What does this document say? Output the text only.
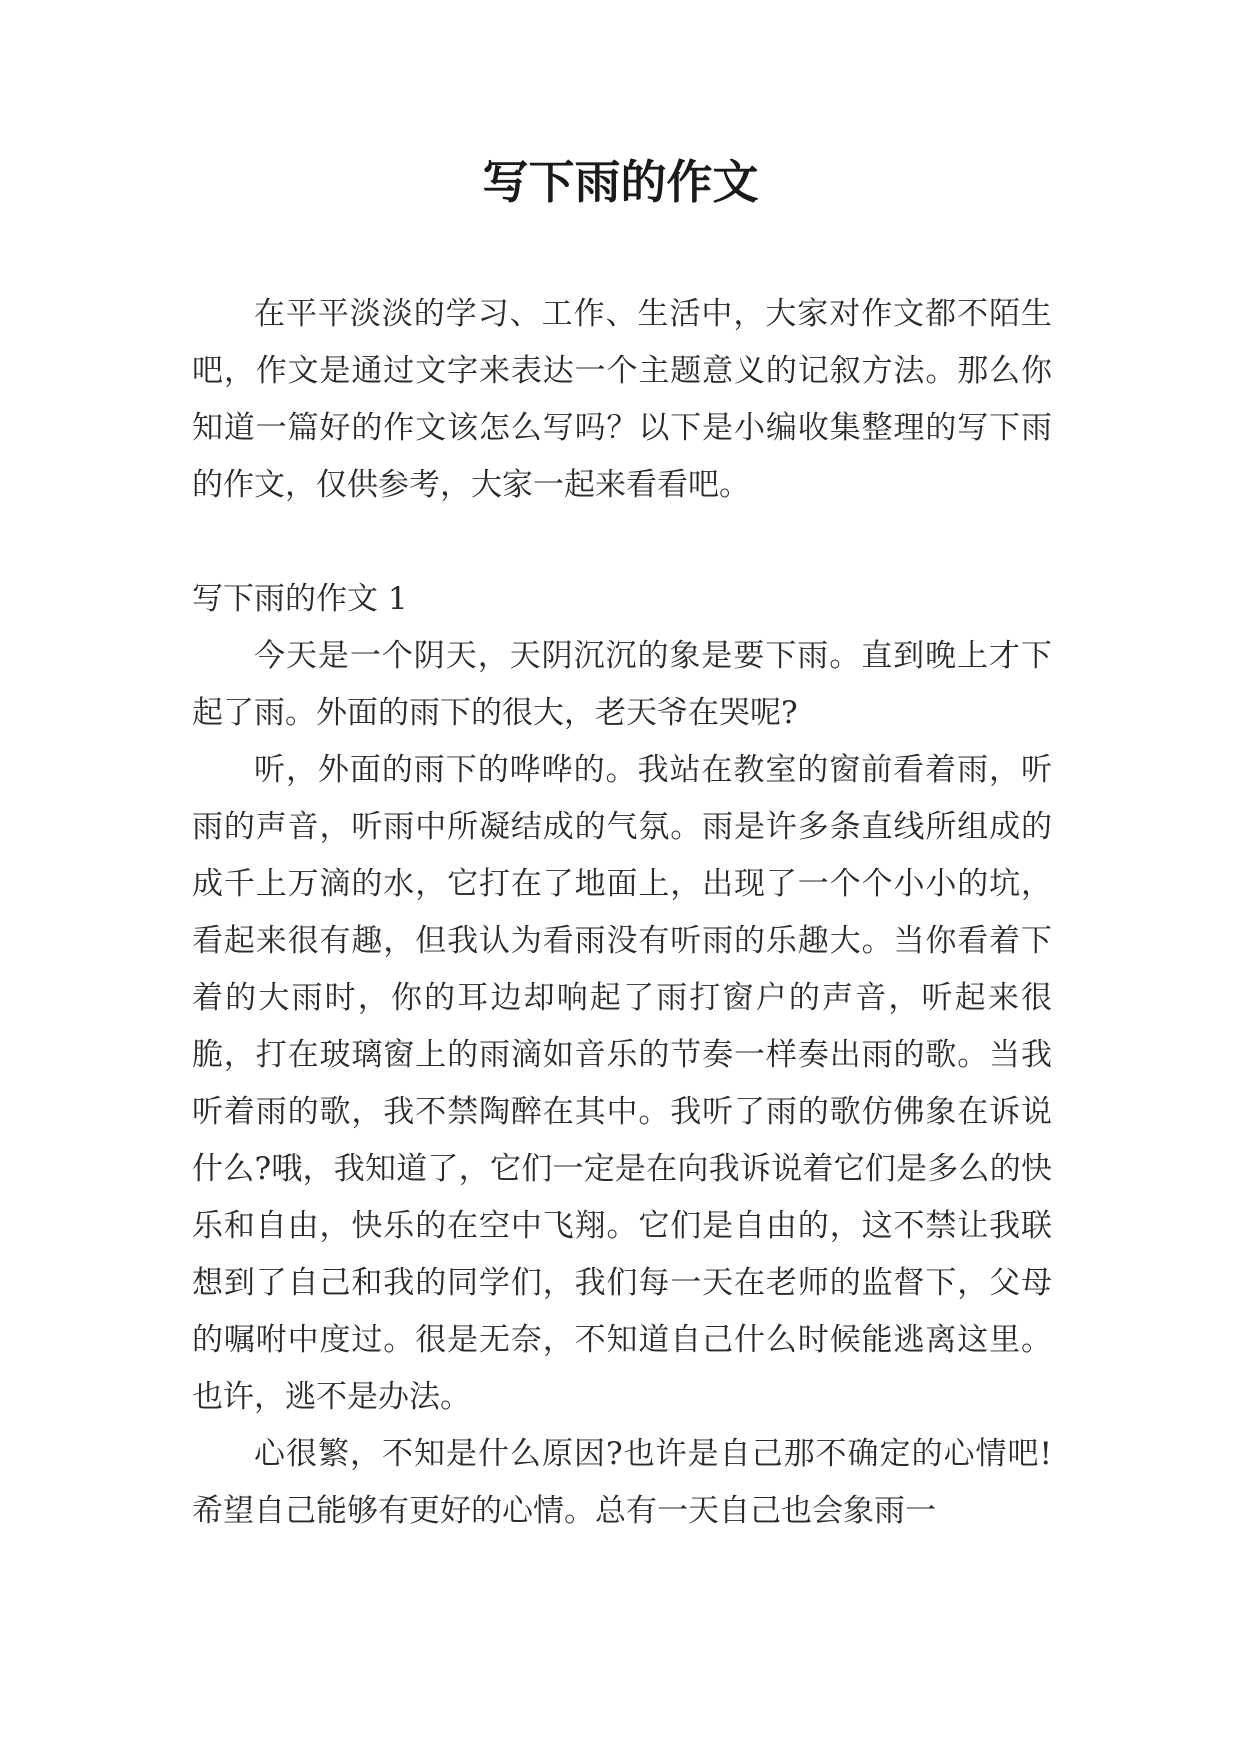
写下雨的作文

在平平淡淡的学习、工作、生活中，大家对作文都不陌生吧，作文是通过文字来表达一个主题意义的记叙方法。那么你知道一篇好的作文该怎么写吗？以下是小编收集整理的写下雨的作文，仅供参考，大家一起来看看吧。

写下雨的作文 1

今天是一个阴天，天阴沉沉的象是要下雨。直到晚上才下起了雨。外面的雨下的很大，老天爷在哭呢?

听，外面的雨下的哗哗的。我站在教室的窗前看着雨，听雨的声音，听雨中所凝结成的气氛。雨是许多条直线所组成的成千上万滴的水，它打在了地面上，出现了一个个小小的坑，看起来很有趣，但我认为看雨没有听雨的乐趣大。当你看着下着的大雨时，你的耳边却响起了雨打窗户的声音，听起来很脆，打在玻璃窗上的雨滴如音乐的节奏一样奏出雨的歌。当我听着雨的歌，我不禁陶醉在其中。我听了雨的歌仿佛象在诉说什么?哦，我知道了，它们一定是在向我诉说着它们是多么的快乐和自由，快乐的在空中飞翔。它们是自由的，这不禁让我联想到了自己和我的同学们，我们每一天在老师的监督下，父母的嘱咐中度过。很是无奈，不知道自己什么时候能逃离这里。也许，逃不是办法。

心很繁，不知是什么原因?也许是自己那不确定的心情吧!希望自己能够有更好的心情。总有一天自己也会象雨一
